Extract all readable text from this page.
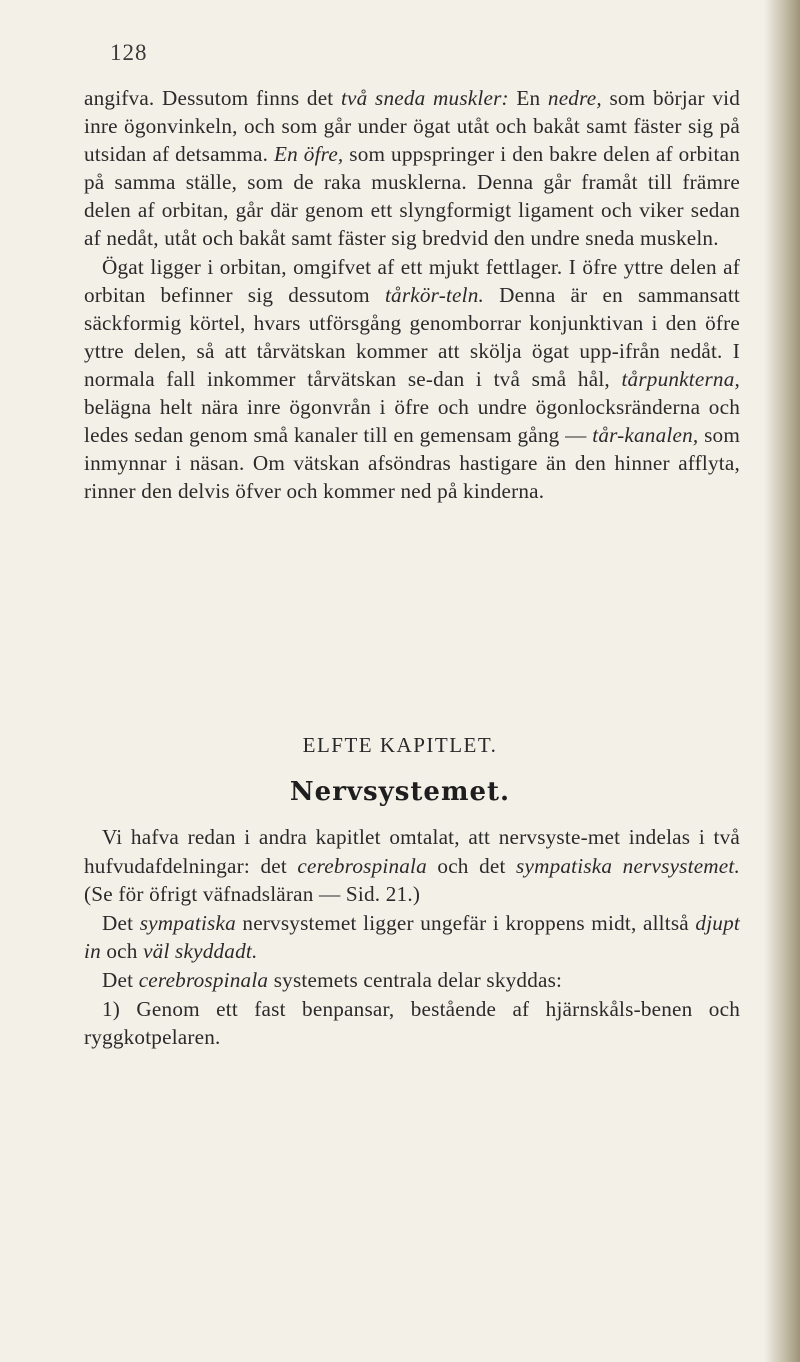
128

angifva. Dessutom finns det två sneda muskler: En nedre, som börjar vid inre ögonvinkeln, och som går under ögat utåt och bakåt samt fäster sig på utsidan af detsamma. En öfre, som uppspringer i den bakre delen af orbitan på samma ställe, som de raka musklerna. Denna går framåt till främre delen af orbitan, går där genom ett slyngformigt ligament och viker sedan af nedåt, utåt och bakåt samt fäster sig bredvid den undre sneda muskeln.

Ögat ligger i orbitan, omgifvet af ett mjukt fettlager. I öfre yttre delen af orbitan befinner sig dessutom tårkör-teln. Denna är en sammansatt säckformig körtel, hvars utförsgång genomborrar konjunktivan i den öfre yttre delen, så att tårvätskan kommer att skölja ögat upp-ifrån nedåt. I normala fall inkommer tårvätskan se-dan i två små hål, tårpunkterna, belägna helt nära inre ögonvrån i öfre och undre ögonlocksränderna och ledes sedan genom små kanaler till en gemensam gång — tår-kanalen, som inmynnar i näsan. Om vätskan afsöndras hastigare än den hinner afflyta, rinner den delvis öfver och kommer ned på kinderna.

ELFTE KAPITLET.
Nervsystemet.

Vi hafva redan i andra kapitlet omtalat, att nervsyste-met indelas i två hufvudafdelningar: det cerebrospinala och det sympatiska nervsystemet. (Se för öfrigt väfnadsläran — Sid. 21.)

Det sympatiska nervsystemet ligger ungefär i kroppens midt, alltså djupt in och väl skyddadt.

Det cerebrospinala systemets centrala delar skyddas:

1) Genom ett fast benpansar, bestående af hjärnskåls-benen och ryggkotpelaren.
